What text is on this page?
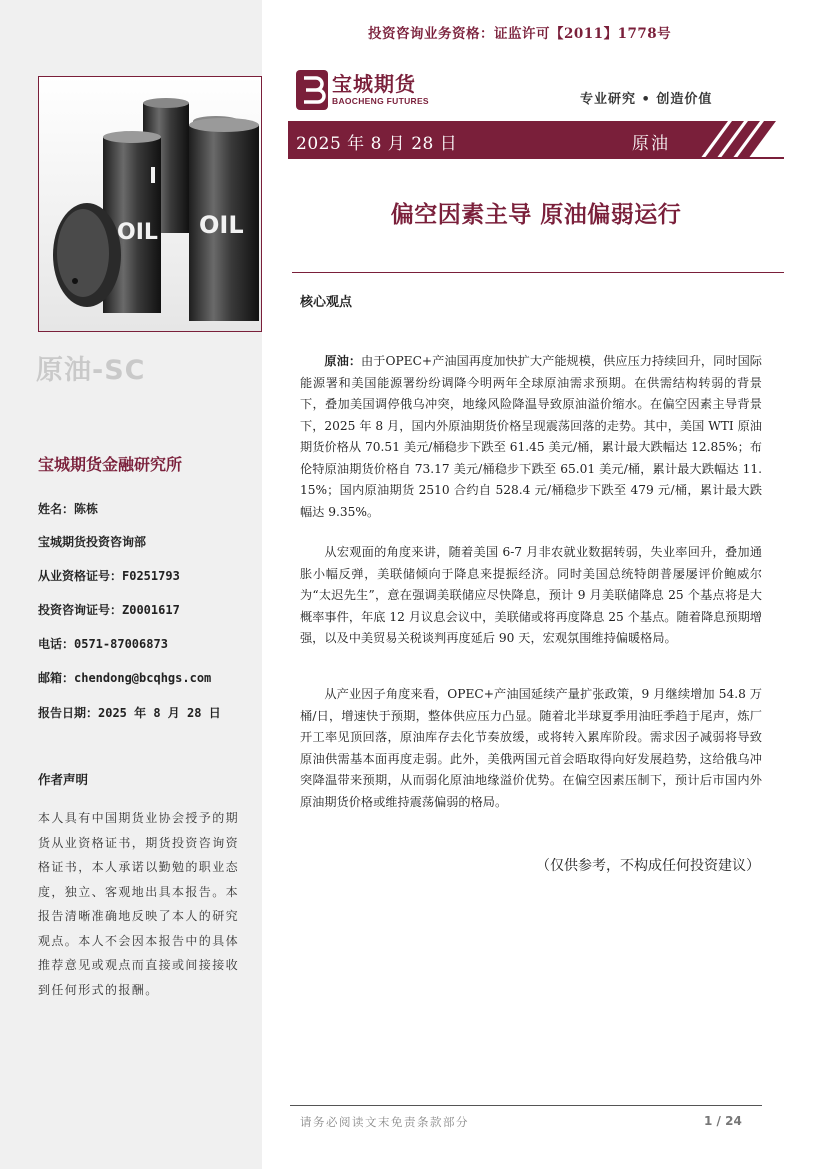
OIL OIL
原油-SC
宝城期货金融研究所
姓名：陈栋
宝城期货投资咨询部
从业资格证号：F0251793
投资咨询证号：Z0001617
电话：0571-87006873
邮箱：chendong@bcqhgs.com
报告日期：2025 年 8 月 28 日
作者声明
本人具有中国期货业协会授予的期货从业资格证书，期货投资咨询资格证书，本人承诺以勤勉的职业态度，独立、客观地出具本报告。本报告清晰准确地反映了本人的研究观点。本人不会因本报告中的具体推荐意见或观点而直接或间接接收到任何形式的报酬。
投资咨询业务资格：证监许可【2011】1778号
宝城期货
BAOCHENG FUTURES	专业研究 • 创造价值
2025 年 8 月 28 日	原油
偏空因素主导 原油偏弱运行
核心观点

原油：由于OPEC+产油国再度加快扩大产能规模，供应压力持续回升，同时国际能源署和美国能源署纷纷调降今明两年全球原油需求预期。在供需结构转弱的背景下，叠加美国调停俄乌冲突，地缘风险降温导致原油溢价缩水。在偏空因素主导背景下，2025 年 8 月，国内外原油期货价格呈现震荡回落的走势。其中，美国 WTI 原油期货价格从 70.51 美元/桶稳步下跌至 61.45 美元/桶，累计最大跌幅达 12.85%；布伦特原油期货价格自 73.17 美元/桶稳步下跌至 65.01 美元/桶，累计最大跌幅达 11.15%；国内原油期货 2510 合约自 528.4 元/桶稳步下跌至 479 元/桶，累计最大跌幅达 9.35%。

从宏观面的角度来讲，随着美国 6-7 月非农就业数据转弱，失业率回升，叠加通胀小幅反弹，美联储倾向于降息来提振经济。同时美国总统特朗普屡屡评价鲍威尔为“太迟先生”，意在强调美联储应尽快降息，预计 9 月美联储降息 25 个基点将是大概率事件，年底 12 月议息会议中，美联储或将再度降息 25 个基点。随着降息预期增强，以及中美贸易关税谈判再度延后 90 天，宏观氛围维持偏暖格局。

从产业因子角度来看，OPEC+产油国延续产量扩张政策，9 月继续增加 54.8 万桶/日，增速快于预期，整体供应压力凸显。随着北半球夏季用油旺季趋于尾声，炼厂开工率见顶回落，原油库存去化节奏放缓，或将转入累库阶段。需求因子减弱将导致原油供需基本面再度走弱。此外，美俄两国元首会晤取得向好发展趋势，这给俄乌冲突降温带来预期，从而弱化原油地缘溢价优势。在偏空因素压制下，预计后市国内外原油期货价格或维持震荡偏弱的格局。

（仅供参考，不构成任何投资建议）
请务必阅读文末免责条款部分	1 / 24
